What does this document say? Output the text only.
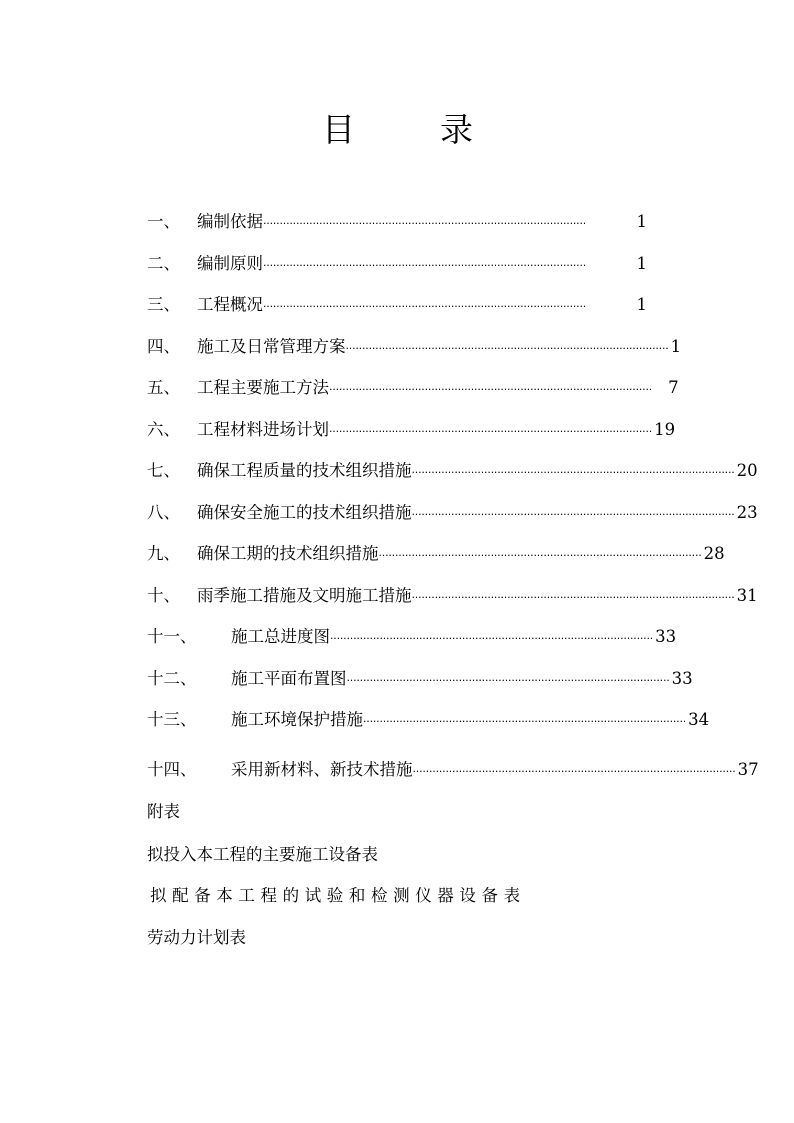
目	录
一、 编制依据 ··································································································	1
二、 编制原则 ··································································································	1
三、 工程概况 ··································································································	1
四、 施工及日常管理方案 ·································································································· 1
五、 工程主要施工方法 ·································································································· 7
六、 工程材料进场计划 ·································································································· 19
七、 确保工程质量的技术组织措施 ·································································································· 20
八、 确保安全施工的技术组织措施 ·································································································· 23
九、 确保工期的技术组织措施 ·································································································· 28
十、 雨季施工措施及文明施工措施 ·································································································· 31
十一、 施工总进度图 ·································································································· 33
十二、 施工平面布置图 ·································································································· 33
十三、 施工环境保护措施 ·································································································· 34
十四、 采用新材料、新技术措施 ·································································································· 37
附表
拟投入本工程的主要施工设备表
拟配备本工程的试验和检测仪器设备表
劳动力计划表
